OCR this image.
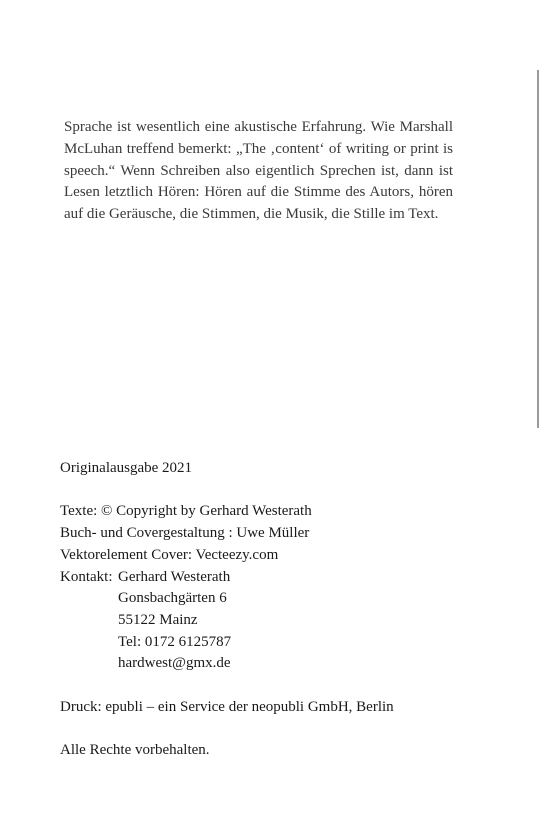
Sprache ist wesentlich eine akustische Erfahrung. Wie Marshall McLuhan treffend bemerkt: „The ‚content‘ of writing or print is speech.“ Wenn Schreiben also eigentlich Sprechen ist, dann ist Lesen letztlich Hören: Hören auf die Stimme des Autors, hören auf die Geräusche, die Stimmen, die Musik, die Stille im Text.

Originalausgabe 2021

Texte: © Copyright by Gerhard Westerath

Buch- und Covergestaltung : Uwe Müller

Vektorelement Cover: Vecteezy.com

Kontakt: Gerhard Westerath
Gonsbachgärten 6
55122 Mainz
Tel: 0172 6125787
hardwest@gmx.de

Druck: epubli – ein Service der neopubli GmbH, Berlin

Alle Rechte vorbehalten.
